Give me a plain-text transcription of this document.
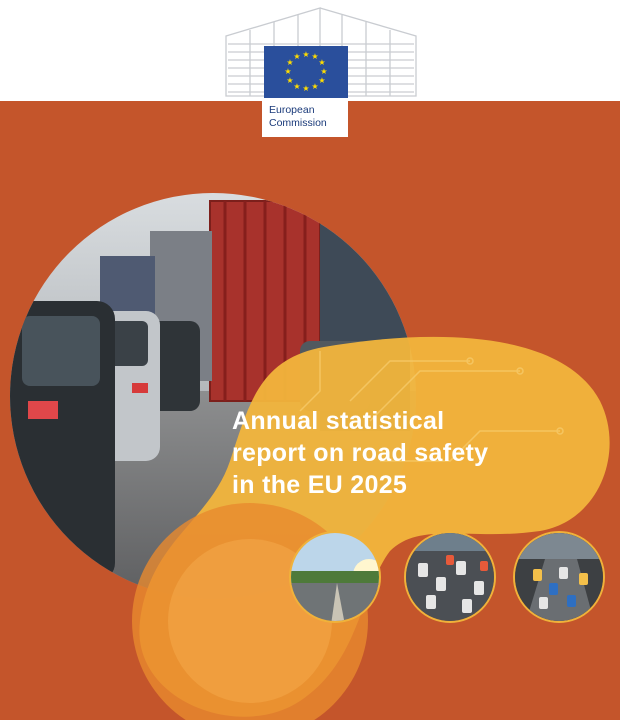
★ ★
★
★
★
★
★
★
★
★
★
★
European
Commission
Annual statistical
report on road safety
in the EU 2025
